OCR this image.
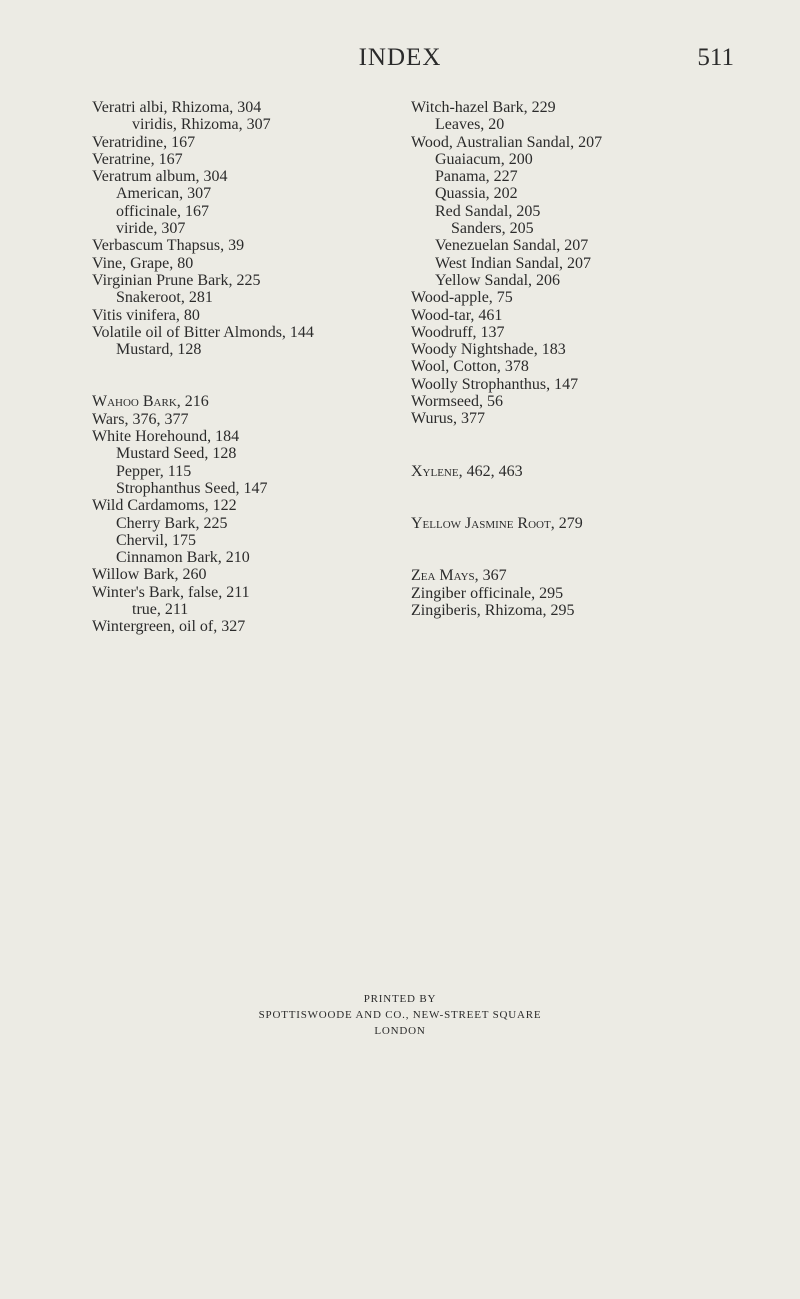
INDEX	511
Veratri albi, Rhizoma, 304
viridis, Rhizoma, 307
Veratridine, 167
Veratrine, 167
Veratrum album, 304
American, 307
officinale, 167
viride, 307
Verbascum Thapsus, 39
Vine, Grape, 80
Virginian Prune Bark, 225
Snakeroot, 281
Vitis vinifera, 80
Volatile oil of Bitter Almonds, 144
Mustard, 128
Wahoo Bark, 216
Wars, 376, 377
White Horehound, 184
Mustard Seed, 128
Pepper, 115
Strophanthus Seed, 147
Wild Cardamoms, 122
Cherry Bark, 225
Chervil, 175
Cinnamon Bark, 210
Willow Bark, 260
Winter's Bark, false, 211
true, 211
Wintergreen, oil of, 327
Witch-hazel Bark, 229
Leaves, 20
Wood, Australian Sandal, 207
Guaiacum, 200
Panama, 227
Quassia, 202
Red Sandal, 205
Sanders, 205
Venezuelan Sandal, 207
West Indian Sandal, 207
Yellow Sandal, 206
Wood-apple, 75
Wood-tar, 461
Woodruff, 137
Woody Nightshade, 183
Wool, Cotton, 378
Woolly Strophanthus, 147
Wormseed, 56
Wurus, 377
Xylene, 462, 463
Yellow Jasmine Root, 279
Zea Mays, 367
Zingiber officinale, 295
Zingiberis, Rhizoma, 295
PRINTED BY
SPOTTISWOODE AND CO., NEW-STREET SQUARE
LONDON
